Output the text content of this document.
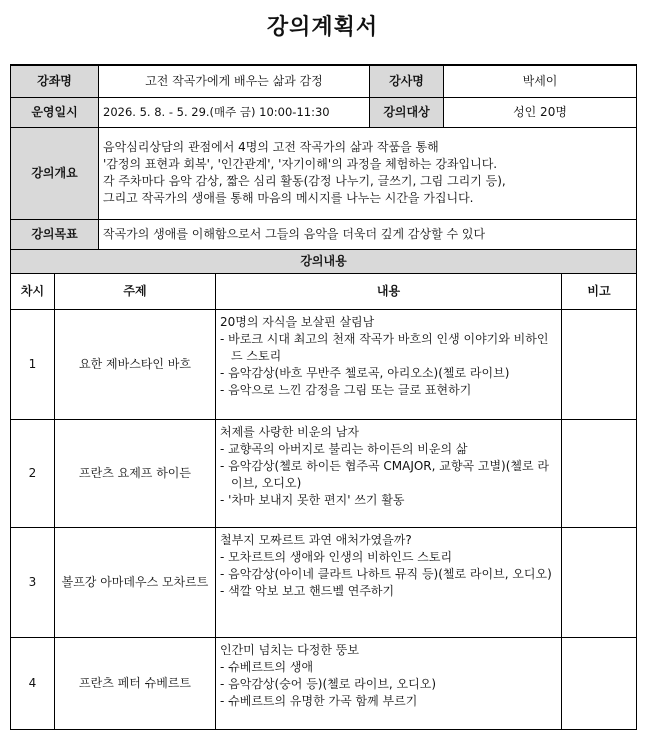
강의계획서
강좌명		고전 작곡가에게 배우는 삶과 감정		강사명	박세이	
운영일시		2026. 5. 8. - 5. 29.(매주 금) 10:00-11:30		강의대상	성인 20명	
강의개요		음악심리상담의 관점에서 4명의 고전 작곡가의 삶과 작품을 통해
'감정의 표현과 회복', '인간관계', '자기이해'의 과정을 체험하는 강좌입니다.
각 주차마다 음악 감상, 짧은 심리 활동(감정 나누기, 글쓰기, 그림 그리기 등),
그리고 작곡가의 생애를 통해 마음의 메시지를 나누는 시간을 가집니다.				

강의목표		작곡가의 생애를 이해함으로서 그들의 음악을 더욱더 깊게 감상할 수 있다				
강의내용						
차시	주제		내용			비고
1	요한 제바스타인 바흐		20명의 자식을 보살핀 살림남
- 바로크 시대 최고의 천재 작곡가 바흐의 인생 이야기와 비하인드 스토리
- 음악감상(바흐 무반주 첼로곡, 아리오소)(첼로 라이브)
- 음악으로 느낀 감정을 그림 또는 글로 표현하기			

2	프란츠 요제프 하이든		처제를 사랑한 비운의 남자
- 교향곡의 아버지로 불리는 하이든의 비운의 삶
- 음악감상(첼로 하이든 협주곡 CMAJOR, 교향곡 고별)(첼로 라이브, 오디오)
- '차마 보내지 못한 편지' 쓰기 활동			

3	볼프강 아마데우스 모차르트		철부지 모짜르트 과연 애처가였을까?
- 모차르트의 생애와 인생의 비하인드 스토리
- 음악감상(아이네 클라트 나하트 뮤직 등)(첼로 라이브, 오디오)
- 색깔 악보 보고 핸드벨 연주하기			

4	프란츠 페터 슈베르트		인간미 넘치는 다정한 뚱보
- 슈베르트의 생애
- 음악감상(숭어 등)(첼로 라이브, 오디오)
- 슈베르트의 유명한 가곡 함께 부르기			
